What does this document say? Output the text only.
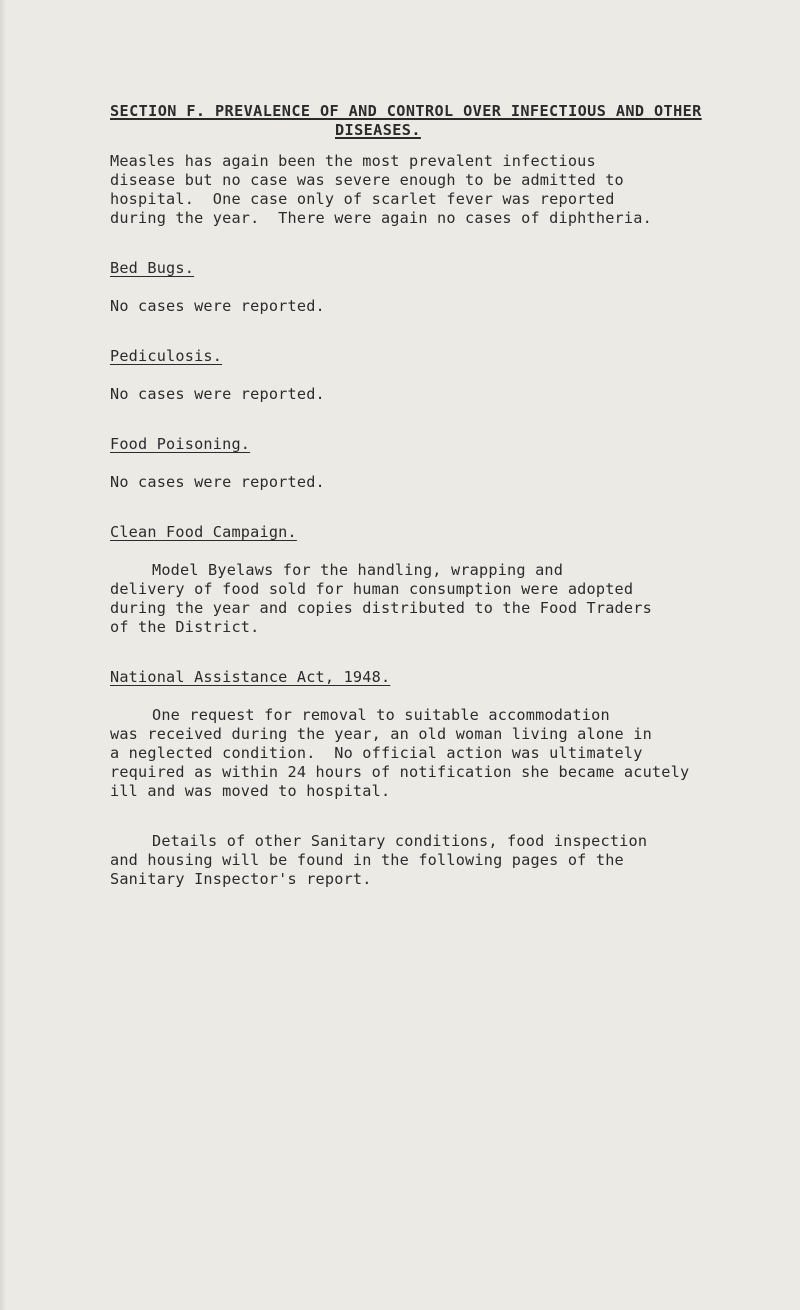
SECTION F. PREVALENCE OF AND CONTROL OVER INFECTIOUS AND OTHER
DISEASES.

Measles has again been the most prevalent infectious

disease but no case was severe enough to be admitted to

hospital.  One case only of scarlet fever was reported

during the year.  There were again no cases of diphtheria.

Bed Bugs.

No cases were reported.

Pediculosis.

No cases were reported.

Food Poisoning.

No cases were reported.

Clean Food Campaign.

Model Byelaws for the handling, wrapping and

delivery of food sold for human consumption were adopted

during the year and copies distributed to the Food Traders

of the District.

National Assistance Act, 1948.

One request for removal to suitable accommodation

was received during the year, an old woman living alone in

a neglected condition.  No official action was ultimately

required as within 24 hours of notification she became acutely

ill and was moved to hospital.

Details of other Sanitary conditions, food inspection

and housing will be found in the following pages of the

Sanitary Inspector's report.
